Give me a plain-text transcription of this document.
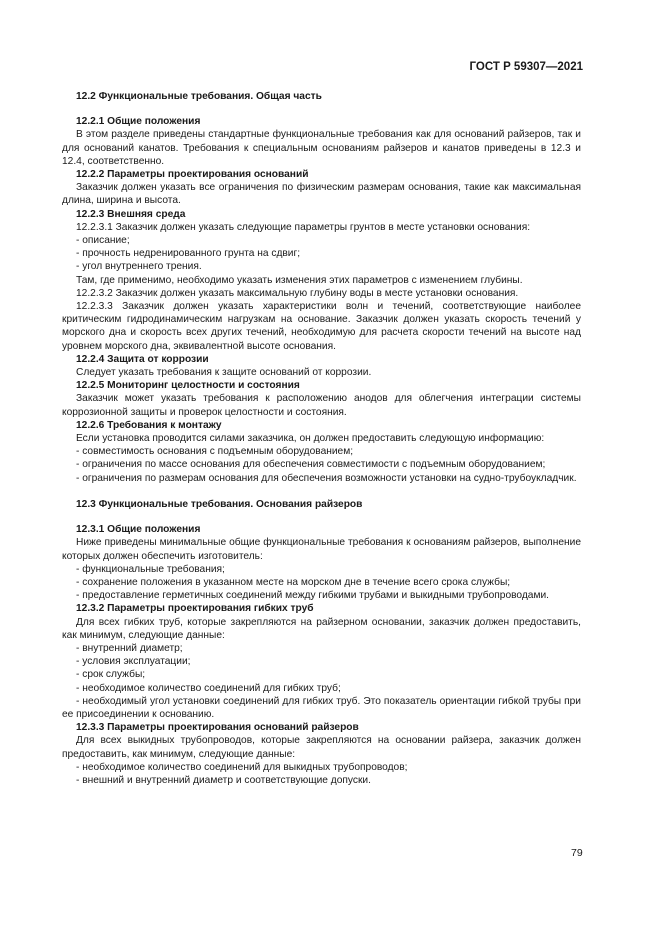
ГОСТ Р 59307—2021

12.2 Функциональные требования. Общая часть

12.2.1 Общие положения

В этом разделе приведены стандартные функциональные требования как для оснований райзеров, так и для оснований канатов. Требования к специальным основаниям райзеров и канатов приведены в 12.3 и 12.4, соответственно.

12.2.2 Параметры проектирования оснований

Заказчик должен указать все ограничения по физическим размерам основания, такие как максимальная длина, ширина и высота.

12.2.3 Внешняя среда

12.2.3.1 Заказчик должен указать следующие параметры грунтов в месте установки основания:

- описание;

- прочность недренированного грунта на сдвиг;

- угол внутреннего трения.

Там, где применимо, необходимо указать изменения этих параметров с изменением глубины.

12.2.3.2 Заказчик должен указать максимальную глубину воды в месте установки основания.

12.2.3.3 Заказчик должен указать характеристики волн и течений, соответствующие наиболее критическим гидродинамическим нагрузкам на основание. Заказчик должен указать скорость течений у морского дна и скорость всех других течений, необходимую для расчета скорости течений на высоте над уровнем морского дна, эквивалентной высоте основания.

12.2.4 Защита от коррозии

Следует указать требования к защите оснований от коррозии.

12.2.5 Мониторинг целостности и состояния

Заказчик может указать требования к расположению анодов для облегчения интеграции системы коррозионной защиты и проверок целостности и состояния.

12.2.6 Требования к монтажу

Если установка проводится силами заказчика, он должен предоставить следующую информацию:

- совместимость основания с подъемным оборудованием;

- ограничения по массе основания для обеспечения совместимости с подъемным оборудованием;

- ограничения по размерам основания для обеспечения возможности установки на судно-трубоукладчик.

12.3 Функциональные требования. Основания райзеров

12.3.1 Общие положения

Ниже приведены минимальные общие функциональные требования к основаниям райзеров, выполнение которых должен обеспечить изготовитель:

- функциональные требования;

- сохранение положения в указанном месте на морском дне в течение всего срока службы;

- предоставление герметичных соединений между гибкими трубами и выкидными трубопроводами.

12.3.2 Параметры проектирования гибких труб

Для всех гибких труб, которые закрепляются на райзерном основании, заказчик должен предоставить, как минимум, следующие данные:

- внутренний диаметр;

- условия эксплуатации;

- срок службы;

- необходимое количество соединений для гибких труб;

- необходимый угол установки соединений для гибких труб. Это показатель ориентации гибкой трубы при ее присоединении к основанию.

12.3.3 Параметры проектирования оснований райзеров

Для всех выкидных трубопроводов, которые закрепляются на основании райзера, заказчик должен предоставить, как минимум, следующие данные:

- необходимое количество соединений для выкидных трубопроводов;

- внешний и внутренний диаметр и соответствующие допуски.

79
